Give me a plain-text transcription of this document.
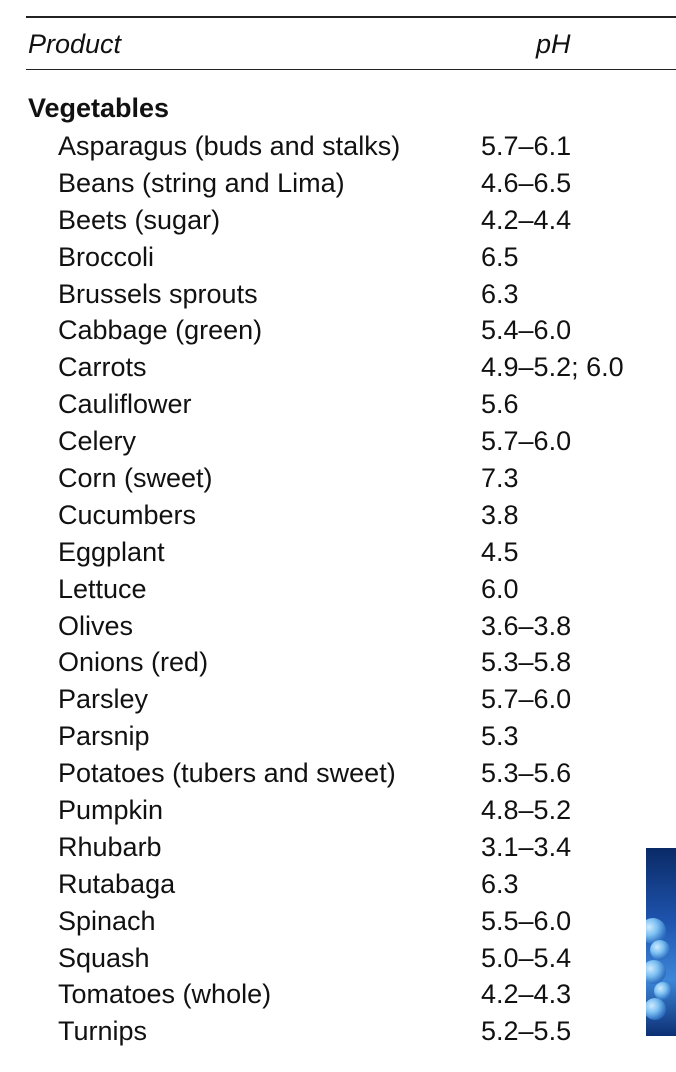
Product	pH
Vegetables
Asparagus (buds and stalks)	5.7–6.1
Beans (string and Lima)	4.6–6.5
Beets (sugar)	4.2–4.4
Broccoli	6.5
Brussels sprouts	6.3
Cabbage (green)	5.4–6.0
Carrots	4.9–5.2; 6.0
Cauliflower	5.6
Celery	5.7–6.0
Corn (sweet)	7.3
Cucumbers	3.8
Eggplant	4.5
Lettuce	6.0
Olives	3.6–3.8
Onions (red)	5.3–5.8
Parsley	5.7–6.0
Parsnip	5.3
Potatoes (tubers and sweet)	5.3–5.6
Pumpkin	4.8–5.2
Rhubarb	3.1–3.4
Rutabaga	6.3
Spinach	5.5–6.0
Squash	5.0–5.4
Tomatoes (whole)	4.2–4.3
Turnips	5.2–5.5
